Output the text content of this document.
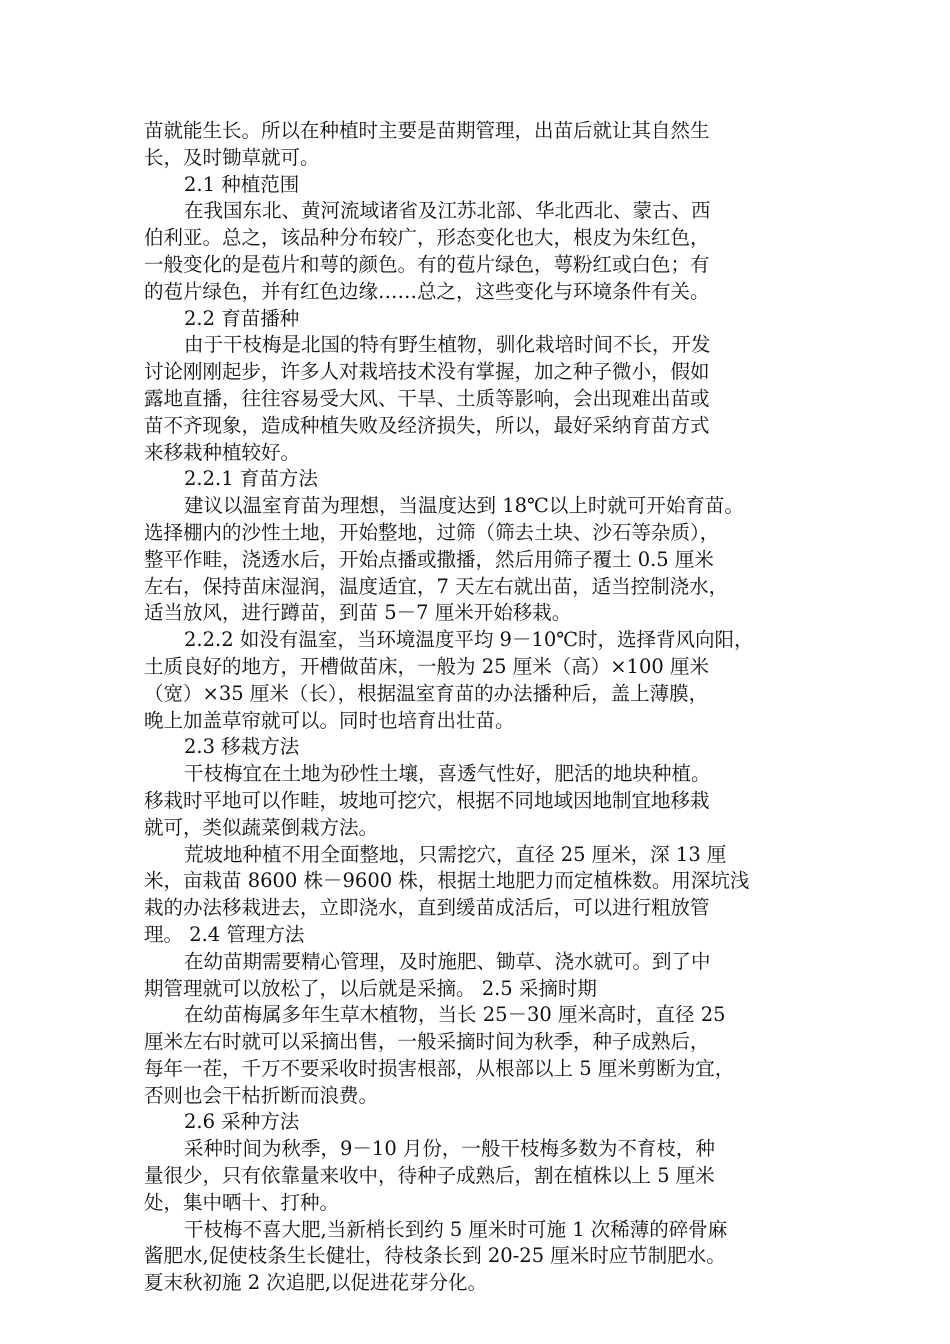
苗就能生长。所以在种植时主要是苗期管理，出苗后就让其自然生
长，及时锄草就可。
2.1 种植范围
在我国东北、黄河流域诸省及江苏北部、华北西北、蒙古、西
伯利亚。总之，该品种分布较广，形态变化也大，根皮为朱红色，
一般变化的是苞片和萼的颜色。有的苞片绿色，萼粉红或白色；有
的苞片绿色，并有红色边缘……总之，这些变化与环境条件有关。
2.2 育苗播种
由于干枝梅是北国的特有野生植物，驯化栽培时间不长，开发
讨论刚刚起步，许多人对栽培技术没有掌握，加之种子微小，假如
露地直播，往往容易受大风、干旱、土质等影响，会出现难出苗或
苗不齐现象，造成种植失败及经济损失，所以，最好采纳育苗方式
来移栽种植较好。
2.2.1 育苗方法
建议以温室育苗为理想，当温度达到 18℃以上时就可开始育苗。
选择棚内的沙性土地，开始整地，过筛（筛去土块、沙石等杂质），
整平作畦，浇透水后，开始点播或撒播，然后用筛子覆土 0.5 厘米
左右，保持苗床湿润，温度适宜，7 天左右就出苗，适当控制浇水，
适当放风，进行蹲苗，到苗 5－7 厘米开始移栽。
2.2.2 如没有温室，当环境温度平均 9－10℃时，选择背风向阳，
土质良好的地方，开槽做苗床，一般为 25 厘米（高）×100 厘米
（宽）×35 厘米（长），根据温室育苗的办法播种后，盖上薄膜，
晚上加盖草帘就可以。同时也培育出壮苗。
2.3 移栽方法
干枝梅宜在土地为砂性土壤，喜透气性好，肥活的地块种植。
移栽时平地可以作畦，坡地可挖穴，根据不同地域因地制宜地移栽
就可，类似蔬菜倒栽方法。
荒坡地种植不用全面整地，只需挖穴，直径 25 厘米，深 13 厘
米，亩栽苗 8600 株－9600 株，根据土地肥力而定植株数。用深坑浅
栽的办法移栽进去，立即浇水，直到缓苗成活后，可以进行粗放管
理。 2.4 管理方法
在幼苗期需要精心管理，及时施肥、锄草、浇水就可。到了中
期管理就可以放松了，以后就是采摘。 2.5 采摘时期
在幼苗梅属多年生草木植物，当长 25－30 厘米高时，直径 25
厘米左右时就可以采摘出售，一般采摘时间为秋季，种子成熟后，
每年一茬，千万不要采收时损害根部，从根部以上 5 厘米剪断为宜，
否则也会干枯折断而浪费。
2.6 采种方法
采种时间为秋季，9－10 月份，一般干枝梅多数为不育枝，种
量很少，只有依靠量来收中，待种子成熟后，割在植株以上 5 厘米
处，集中晒十、打种。
干枝梅不喜大肥,当新梢长到约 5 厘米时可施 1 次稀薄的碎骨麻
酱肥水,促使枝条生长健壮，待枝条长到 20-25 厘米时应节制肥水。
夏末秋初施 2 次追肥,以促进花芽分化。
